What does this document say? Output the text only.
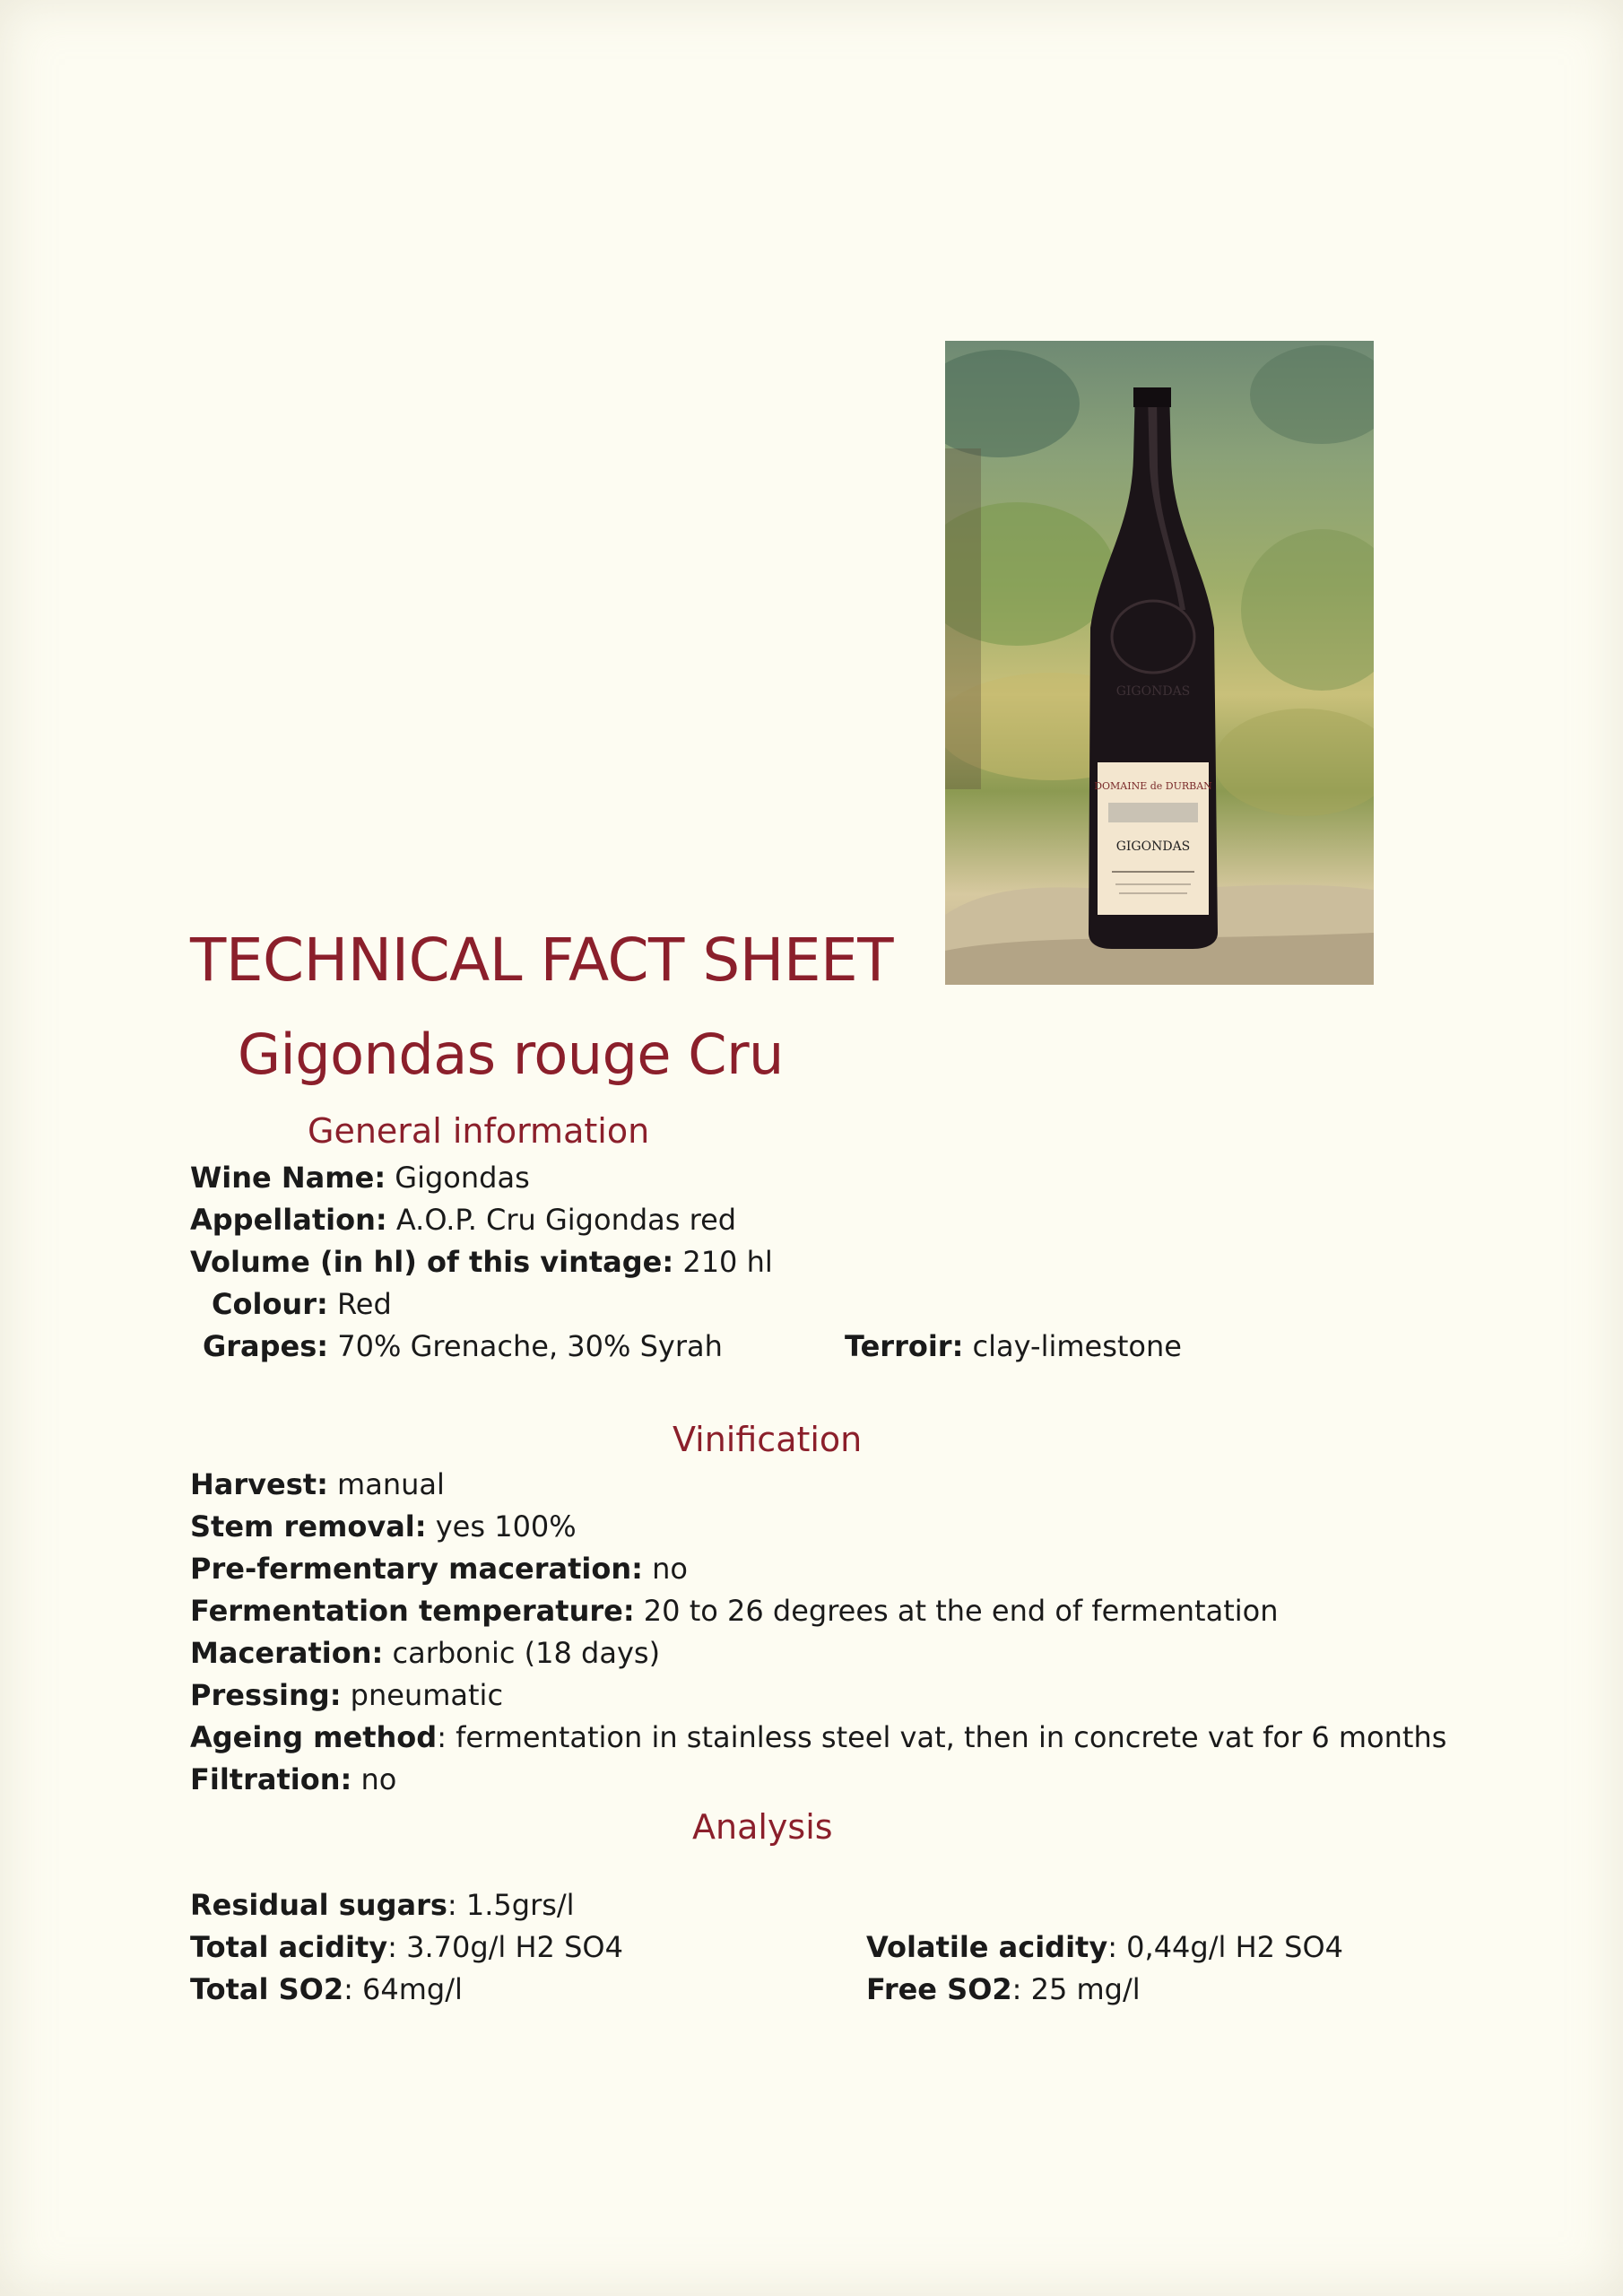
GIGONDAS
DOMAINE de DURBAN
GIGONDAS
TECHNICAL FACT SHEET
Gigondas rouge Cru
General information
Wine Name: Gigondas
Appellation: A.O.P. Cru Gigondas red
Volume (in hl) of this vintage: 210 hl
Colour: Red
Grapes: 70% Grenache, 30% Syrah	Terroir: clay-limestone
Vinification
Harvest: manual
Stem removal: yes 100%
Pre-fermentary maceration: no
Fermentation temperature: 20 to 26 degrees at the end of fermentation
Maceration: carbonic (18 days)
Pressing: pneumatic
Ageing method: fermentation in stainless steel vat, then in concrete vat for 6 months
Filtration: no
Analysis
Residual sugars: 1.5grs/l
Total acidity: 3.70g/l H2 SO4
Total SO2: 64mg/l
Volatile acidity: 0,44g/l H2 SO4
Free SO2: 25 mg/l
